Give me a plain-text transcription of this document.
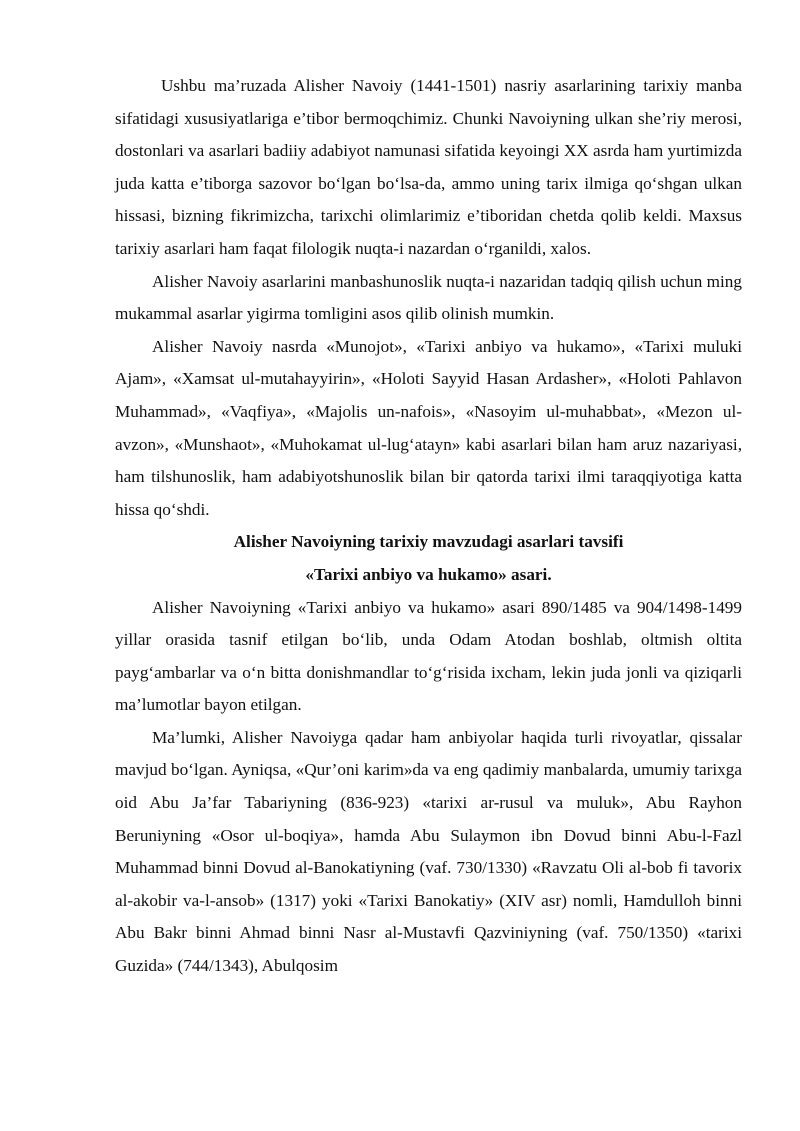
Ushbu ma’ruzada Alisher Navoiy (1441-1501) nasriy asarlarining tarixiy manba sifatidagi xususiyatlariga e’tibor bermoqchimiz. Chunki Navoiyning ulkan she’riy merosi, dostonlari va asarlari badiiy adabiyot namunasi sifatida keyoingi XX asrda ham yurtimizda juda katta e’tiborga sazovor bo‘lgan bo‘lsa-da, ammo uning tarix ilmiga qo‘shgan ulkan hissasi, bizning fikrimizcha, tarixchi olimlarimiz e’tiboridan chetda qolib keldi. Maxsus tarixiy asarlari ham faqat filologik nuqta-i nazardan o‘rganildi, xalos.

Alisher Navoiy asarlarini manbashunoslik nuqta-i nazaridan tadqiq qilish uchun ming mukammal asarlar yigirma tomligini asos qilib olinish mumkin.

Alisher Navoiy nasrda «Munojot», «Tarixi anbiyo va hukamo», «Tarixi muluki Ajam», «Xamsat ul-mutahayyirin», «Holoti Sayyid Hasan Ardasher», «Holoti Pahlavon Muhammad», «Vaqfiya», «Majolis un-nafois», «Nasoyim ul-muhabbat», «Mezon ul-avzon», «Munshaot», «Muhokamat ul-lug‘atayn» kabi asarlari bilan ham aruz nazariyasi, ham tilshunoslik, ham adabiyotshunoslik bilan bir qatorda tarixi ilmi taraqqiyotiga katta hissa qo‘shdi.

Alisher Navoiyning tarixiy mavzudagi asarlari tavsifi

«Tarixi anbiyo va hukamo» asari.

Alisher Navoiyning «Tarixi anbiyo va hukamo» asari 890/1485 va 904/1498-1499 yillar orasida tasnif etilgan bo‘lib, unda Odam Atodan boshlab, oltmish oltita payg‘ambarlar va o‘n bitta donishmandlar to‘g‘risida ixcham, lekin juda jonli va qiziqarli ma’lumotlar bayon etilgan.

Ma’lumki, Alisher Navoiyga qadar ham anbiyolar haqida turli rivoyatlar, qissalar mavjud bo‘lgan. Ayniqsa, «Qur’oni karim»da va eng qadimiy manbalarda, umumiy tarixga oid Abu Ja’far Tabariyning (836-923) «tarixi ar-rusul va muluk», Abu Rayhon Beruniyning «Osor ul-boqiya», hamda Abu Sulaymon ibn Dovud binni Abu-l-Fazl Muhammad binni Dovud al-Banokatiyning (vaf. 730/1330) «Ravzatu Oli al-bob fi tavorix al-akobir va-l-ansob» (1317) yoki «Tarixi Banokatiy» (XIV asr) nomli, Hamdulloh binni Abu Bakr binni Ahmad binni Nasr al-Mustavfi Qazviniyning (vaf. 750/1350) «tarixi Guzida» (744/1343), Abulqosim
